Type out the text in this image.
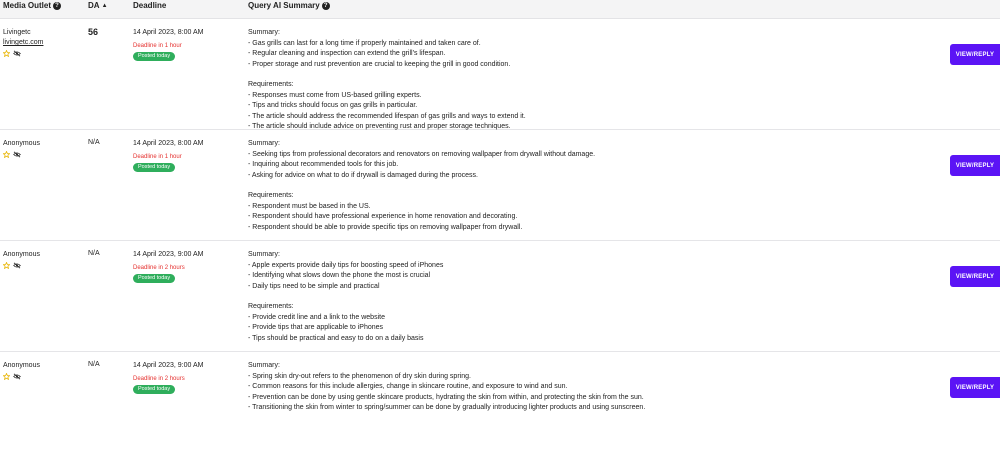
Media Outlet ?	DA ▲	Deadline	Query AI Summary ?
Livingetc
livingetc.com
56	14 April 2023, 8:00 AM
Deadline in 1 hour
Posted today
Summary:
- Gas grills can last for a long time if properly maintained and taken care of.
- Regular cleaning and inspection can extend the grill's lifespan.
- Proper storage and rust prevention are crucial to keeping the grill in good condition.
Requirements:
- Responses must come from US-based grilling experts.
- Tips and tricks should focus on gas grills in particular.
- The article should address the recommended lifespan of gas grills and ways to extend it.
- The article should include advice on preventing rust and proper storage techniques.
VIEW/REPLY
Anonymous	N/A	14 April 2023, 8:00 AM
Deadline in 1 hour
Posted today
Summary:
- Seeking tips from professional decorators and renovators on removing wallpaper from drywall without damage.
- Inquiring about recommended tools for this job.
- Asking for advice on what to do if drywall is damaged during the process.
Requirements:
- Respondent must be based in the US.
- Respondent should have professional experience in home renovation and decorating.
- Respondent should be able to provide specific tips on removing wallpaper from drywall.
VIEW/REPLY
Anonymous	N/A	14 April 2023, 9:00 AM
Deadline in 2 hours
Posted today
Summary:
- Apple experts provide daily tips for boosting speed of iPhones
- Identifying what slows down the phone the most is crucial
- Daily tips need to be simple and practical
Requirements:
- Provide credit line and a link to the website
- Provide tips that are applicable to iPhones
- Tips should be practical and easy to do on a daily basis
VIEW/REPLY
Anonymous	N/A	14 April 2023, 9:00 AM
Deadline in 2 hours
Posted today
Summary:
- Spring skin dry-out refers to the phenomenon of dry skin during spring.
- Common reasons for this include allergies, change in skincare routine, and exposure to wind and sun.
- Prevention can be done by using gentle skincare products, hydrating the skin from within, and protecting the skin from the sun.
- Transitioning the skin from winter to spring/summer can be done by gradually introducing lighter products and using sunscreen.
VIEW/REPLY
